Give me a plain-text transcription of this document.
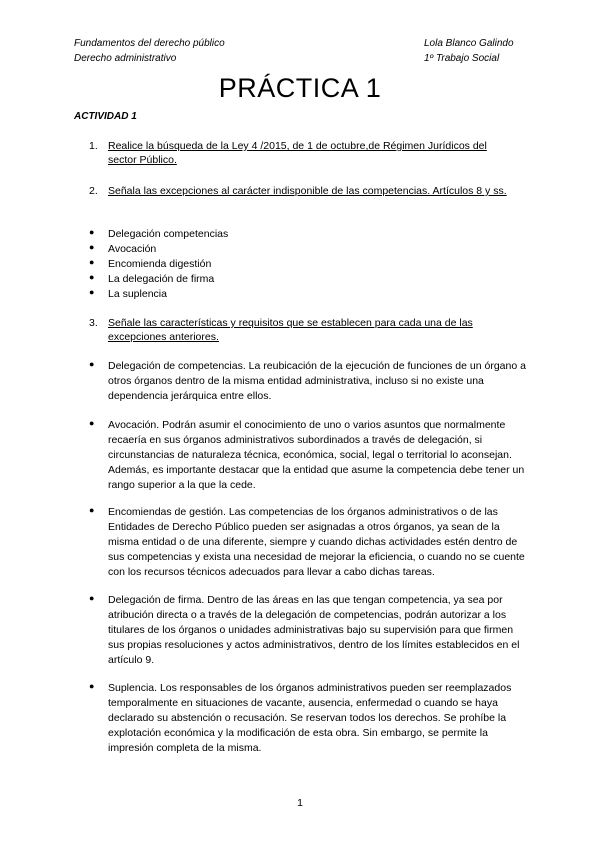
Fundamentos del derecho público
Derecho administrativo
Lola Blanco Galindo
1º Trabajo Social
PRÁCTICA 1
ACTIVIDAD 1
1. Realice la búsqueda de la Ley 4 /2015, de 1 de octubre,de Régimen Jurídicos del sector Público.
2. Señala las excepciones al carácter indisponible de las competencias. Artículos 8 y ss.
● Delegación competencias
● Avocación
● Encomienda digestión
● La delegación de firma
● La suplencia
3. Señale las características y requisitos que se establecen para cada una de las excepciones anteriores.
● Delegación de competencias. La reubicación de la ejecución de funciones de un órgano a otros órganos dentro de la misma entidad administrativa, incluso si no existe una dependencia jerárquica entre ellos.
● Avocación. Podrán asumir el conocimiento de uno o varios asuntos que normalmente recaería en sus órganos administrativos subordinados a través de delegación, si circunstancias de naturaleza técnica, económica, social, legal o territorial lo aconsejan. Además, es importante destacar que la entidad que asume la competencia debe tener un rango superior a la que la cede.
● Encomiendas de gestión. Las competencias de los órganos administrativos o de las Entidades de Derecho Público pueden ser asignadas a otros órganos, ya sean de la misma entidad o de una diferente, siempre y cuando dichas actividades estén dentro de sus competencias y exista una necesidad de mejorar la eficiencia, o cuando no se cuente con los recursos técnicos adecuados para llevar a cabo dichas tareas.
● Delegación de firma. Dentro de las áreas en las que tengan competencia, ya sea por atribución directa o a través de la delegación de competencias, podrán autorizar a los titulares de los órganos o unidades administrativas bajo su supervisión para que firmen sus propias resoluciones y actos administrativos, dentro de los límites establecidos en el artículo 9.
● Suplencia. Los responsables de los órganos administrativos pueden ser reemplazados temporalmente en situaciones de vacante, ausencia, enfermedad o cuando se haya declarado su abstención o recusación. Se reservan todos los derechos. Se prohíbe la explotación económica y la modificación de esta obra. Sin embargo, se permite la impresión completa de la misma.
1
